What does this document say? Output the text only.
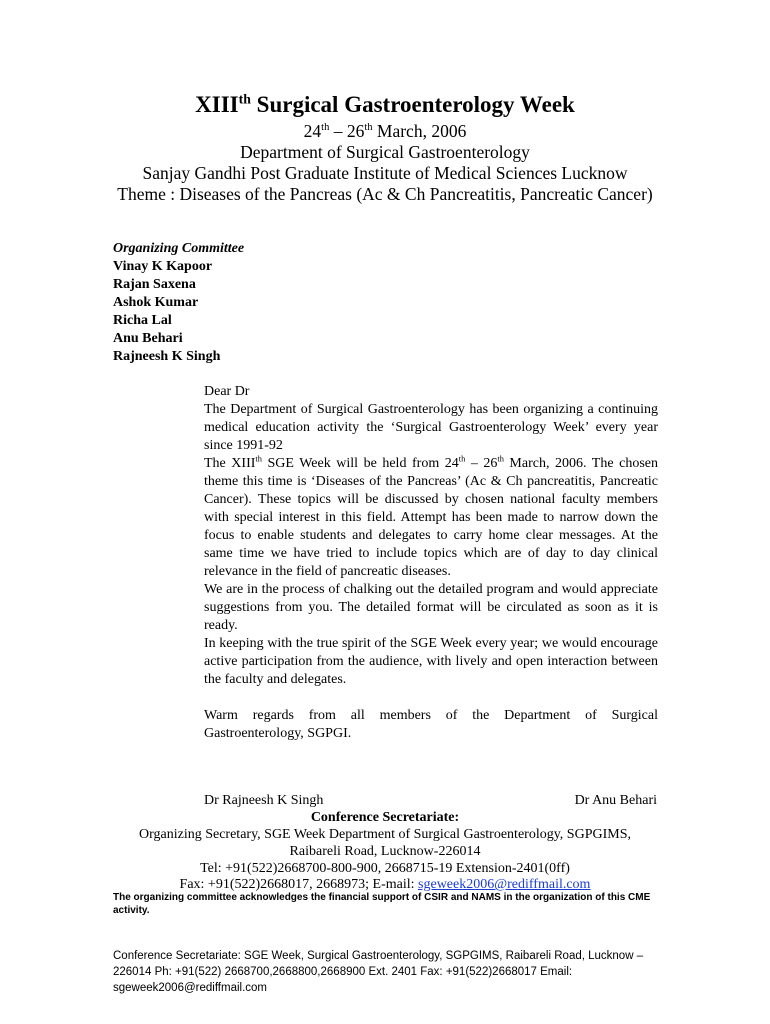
XIIIth Surgical Gastroenterology Week
24th – 26th March, 2006
Department of Surgical Gastroenterology
Sanjay Gandhi Post Graduate Institute of Medical Sciences Lucknow
Theme : Diseases of the Pancreas (Ac & Ch Pancreatitis, Pancreatic Cancer)
Organizing Committee
Vinay K Kapoor
Rajan Saxena
Ashok Kumar
Richa Lal
Anu Behari
Rajneesh K Singh

Dear Dr

The Department of Surgical Gastroenterology has been organizing a continuing medical education activity the ‘Surgical Gastroenterology Week’ every year since 1991-92

The XIIIth SGE Week will be held from 24th – 26th March, 2006. The chosen theme this time is ‘Diseases of the Pancreas’ (Ac & Ch pancreatitis, Pancreatic Cancer). These topics will be discussed by chosen national faculty members with special interest in this field. Attempt has been made to narrow down the focus to enable students and delegates to carry home clear messages. At the same time we have tried to include topics which are of day to day clinical relevance in the field of pancreatic diseases.

We are in the process of chalking out the detailed program and would appreciate suggestions from you. The detailed format will be circulated as soon as it is ready.

In keeping with the true spirit of the SGE Week every year; we would encourage active participation from the audience, with lively and open interaction between the faculty and delegates.

Warm regards from all members of the Department of Surgical Gastroenterology, SGPGI.

Dr Rajneesh K Singh	Dr Anu Behari
Conference Secretariate:
Organizing Secretary, SGE Week Department of Surgical Gastroenterology, SGPGIMS,
Raibareli Road, Lucknow-226014
Tel: +91(522)2668700-800-900, 2668715-19 Extension-2401(0ff)
Fax: +91(522)2668017, 2668973; E-mail: sgeweek2006@rediffmail.com
The organizing committee acknowledges the financial support of CSIR and NAMS in the organization of this CME activity.
Conference Secretariate: SGE Week, Surgical Gastroenterology, SGPGIMS, Raibareli Road, Lucknow – 226014 Ph: +91(522) 2668700,2668800,2668900 Ext. 2401 Fax: +91(522)2668017 Email: sgeweek2006@rediffmail.com
